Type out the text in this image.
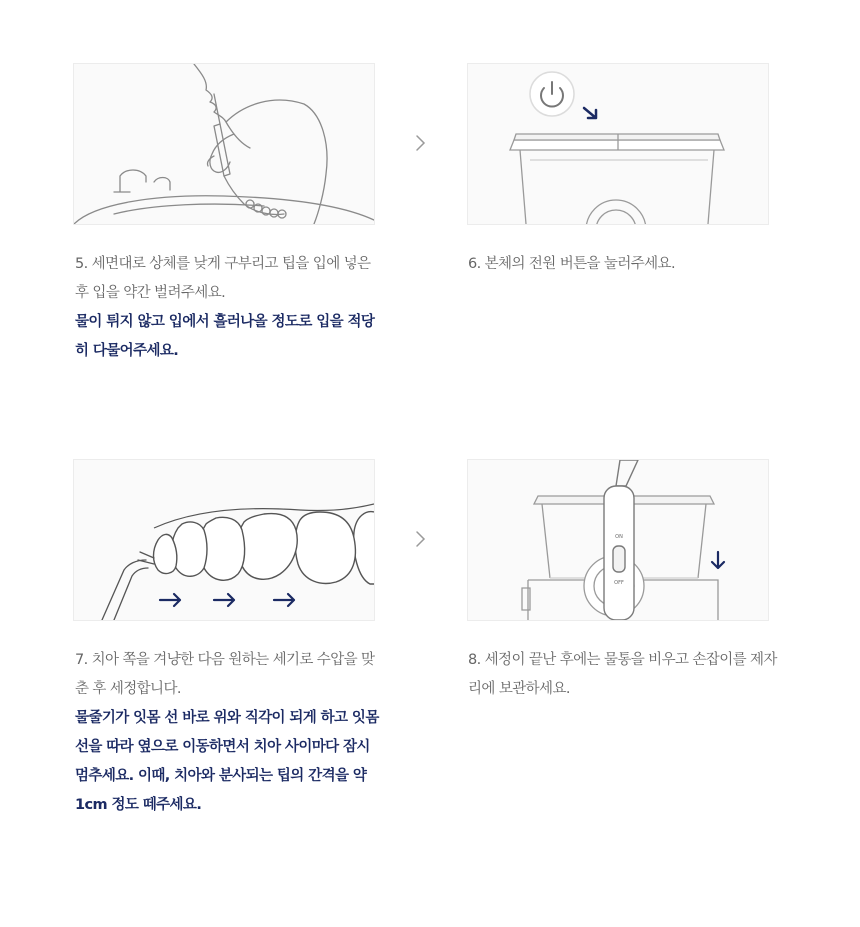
ON
OFF
5. 세면대로 상체를 낮게 구부리고 팁을 입에 넣은 후 입을 약간 벌려주세요.
물이 튀지 않고 입에서 흘러나올 정도로 입을 적당히 다물어주세요.
6. 본체의 전원 버튼을 눌러주세요.
7. 치아 쪽을 겨냥한 다음 원하는 세기로 수압을 맞춘 후 세정합니다.
물줄기가 잇몸 선 바로 위와 직각이 되게 하고 잇몸 선을 따라 옆으로 이동하면서 치아 사이마다 잠시 멈추세요. 이때, 치아와 분사되는 팁의 간격을 약 1cm 정도 떼주세요.
8. 세정이 끝난 후에는 물통을 비우고 손잡이를 제자리에 보관하세요.
